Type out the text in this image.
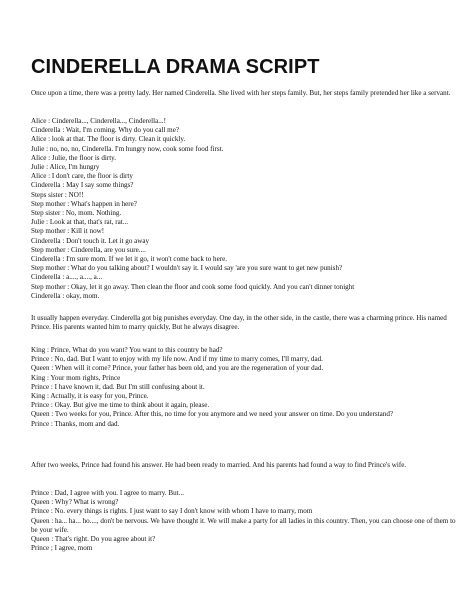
CINDERELLA DRAMA SCRIPT

Once upon a time, there was a pretty lady. Her named Cinderella. She lived with her steps family. But, her steps family pretended her like a servant.

Alice : Cinderella..., Cinderella..., Cinderella...!
Cinderella : Wait, I'm coming. Why do you call me?
Alice : look at that. The floor is dirty. Clean it quickly.
Julie : no, no, no, Cinderella. I'm hungry now, cook some food first.
Alice : Julie, the floor is dirty.
Julie : Alice, I'm hungry
Alice : I don't care, the floor is dirty
Cinderella : May I say some things?
Steps sister : NO!!
Step mother : What's happen in here?
Step sister : No, mom. Nothing.
Julie : Look at that, that's rat, rat...
Step mother : Kill it now!
Cinderella : Don't touch it. Let it go away
Step mother : Cinderella, are you sure....
Cinderella : I'm sure mom. If we let it go, it won't come back to here.
Step mother : What do you talking about? I wouldn't say it. I would say 'are you sure want to get new punish?
Cinderella : a...., a...., a...
Step mother : Okay, let it go away. Then clean the floor and cook some food quickly. And you can't dinner tonight
Cinderella : okay, mom.

It usually happen everyday. Cinderella got big punishes everyday. One day, in the other side, in the castle, there was a charming prince. His named Prince. His parents wanted him to marry quickly, But he always disagree.

King : Prince, What do you want? You want to this country be had?
Prince : No, dad. But I want to enjoy with my life now. And if my time to marry comes, I'll marry, dad.
Queen : When will it come? Prince, your father has been old, and you are the regeneration of your dad.
King : Your mom rights, Prince
Prince : I have known it, dad. But I'm still confusing about it.
King : Actually, it is easy for you, Prince.
Prince : Okay. But give me time to think about it again, please.

Queen : Two weeks for you, Prince. After this, no time for you anymore and we need your answer on time. Do you understand?

Prince : Thanks, mom and dad.

After two weeks, Prince had found his answer. He had been ready to married. And his parents had found a way to find Prince's wife.

Prince : Dad, I agree with you. I agree to marry. But...
Queen : Why? What is wrong?
Prince : No. every things is rights. I just want to say I don't know with whom I have to marry, mom

Queen : ha... ha... ho...., don't be nervous. We have thought it. We will make a party for all ladies in this country. Then, you can choose one of them to be your wife.

Queen : That's right. Do you agree about it?
Prince ; I agree, mom
